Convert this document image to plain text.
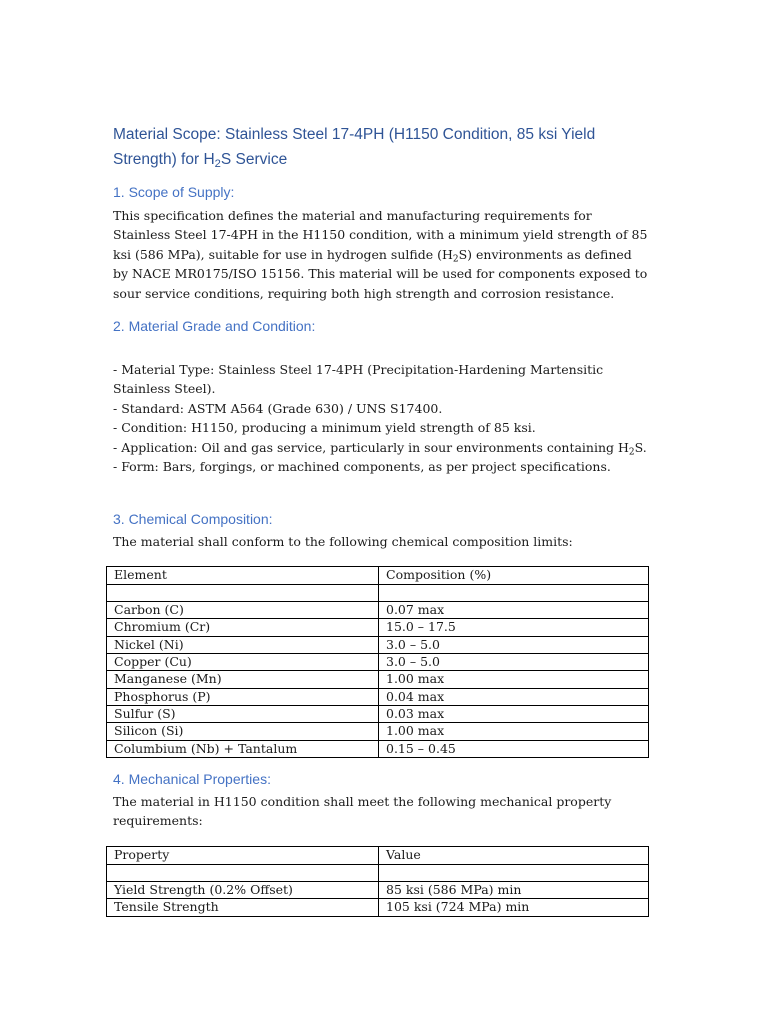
Material Scope: Stainless Steel 17-4PH (H1150 Condition, 85 ksi Yield Strength) for $H_2S$ Service
1. Scope of Supply:

This specification defines the material and manufacturing requirements for Stainless Steel 17-4PH in the H1150 condition, with a minimum yield strength of 85 ksi (586 MPa), suitable for use in hydrogen sulfide $(H_2S)$ environments as defined by NACE MR0175/ISO 15156. This material will be used for components exposed to sour service conditions, requiring both high strength and corrosion resistance.

2. Material Grade and Condition:
- Material Type: Stainless Steel 17-4PH (Precipitation-Hardening Martensitic Stainless Steel).
- Standard: ASTM A564 (Grade 630) / UNS S17400.
- Condition: H1150, producing a minimum yield strength of 85 ksi.
- Application: Oil and gas service, particularly in sour environments containing $H_2S$.
- Form: Bars, forgings, or machined components, as per project specifications.
3. Chemical Composition:

The material shall conform to the following chemical composition limits:

Element	Composition (%)

Carbon (C)	0.07 max
Chromium (Cr)	15.0 – 17.5
Nickel (Ni)	3.0 – 5.0
Copper (Cu)	3.0 – 5.0
Manganese (Mn)	1.00 max
Phosphorus (P)	0.04 max
Sulfur (S)	0.03 max
Silicon (Si)	1.00 max
Columbium (Nb) + Tantalum	0.15 – 0.45
4. Mechanical Properties:

The material in H1150 condition shall meet the following mechanical property requirements:

Property	Value

Yield Strength (0.2% Offset)	85 ksi (586 MPa) min
Tensile Strength	105 ksi (724 MPa) min
